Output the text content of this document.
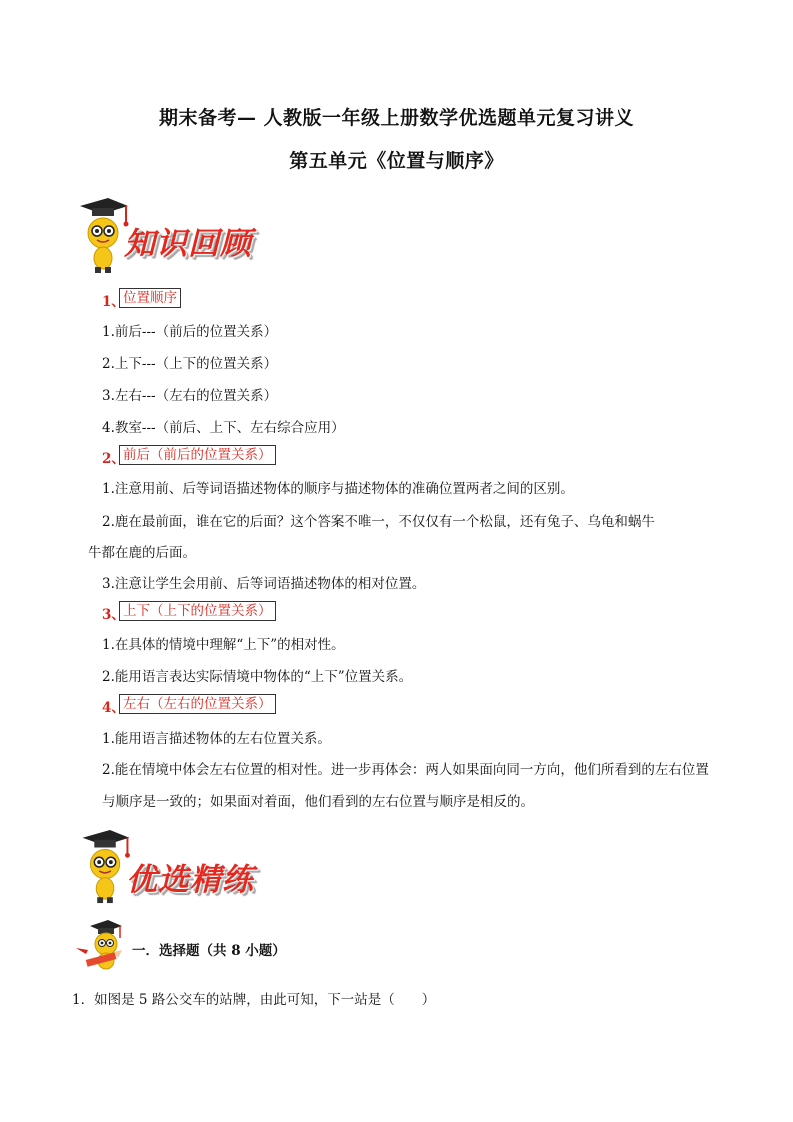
期末备考— 人教版一年级上册数学优选题单元复习讲义
第五单元《位置与顺序》
知识回顾
1、
位置顺序
1.前后---（前后的位置关系）
2.上下---（上下的位置关系）
3.左右---（左右的位置关系）
4.教室---（前后、上下、左右综合应用）
2、
前后（前后的位置关系）
1.注意用前、后等词语描述物体的顺序与描述物体的准确位置两者之间的区别。
2.鹿在最前面，谁在它的后面？这个答案不唯一，不仅仅有一个松鼠，还有兔子、乌龟和蜗牛
牛都在鹿的后面。
3.注意让学生会用前、后等词语描述物体的相对位置。
3、
上下（上下的位置关系）
1.在具体的情境中理解“上下”的相对性。
2.能用语言表达实际情境中物体的“上下”位置关系。
4、
左右（左右的位置关系）
1.能用语言描述物体的左右位置关系。
2.能在情境中体会左右位置的相对性。进一步再体会：两人如果面向同一方向，他们所看到的左右位置
与顺序是一致的；如果面对着面，他们看到的左右位置与顺序是相反的。
优选精练
一．选择题（共 8 小题）
1．如图是 5 路公交车的站牌，由此可知，下一站是（　　）
